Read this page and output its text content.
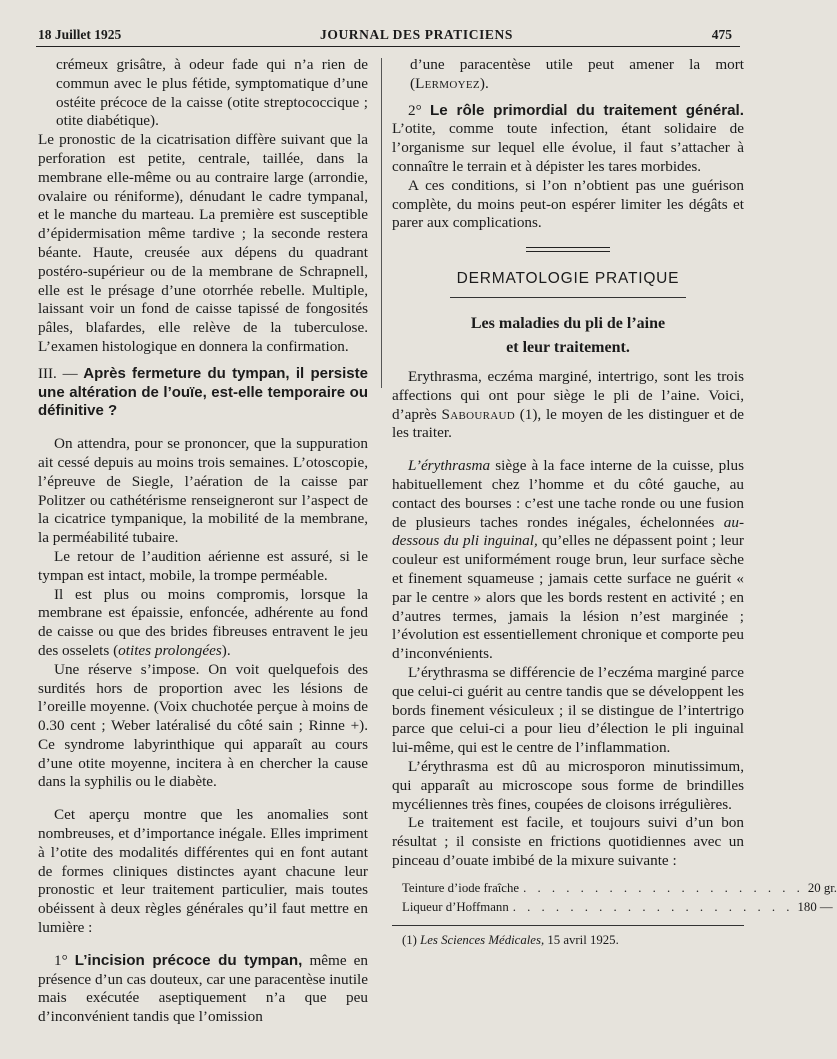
18 Juillet 1925	JOURNAL DES PRATICIENS	475

crémeux grisâtre, à odeur fade qui n’a rien de commun avec le plus fétide, symptomatique d’une ostéite précoce de la caisse (otite streptococcique ; otite diabétique).

Le pronostic de la cicatrisation diffère suivant que la perforation est petite, centrale, taillée, dans la membrane elle-même ou au contraire large (arrondie, ovalaire ou réniforme), dénudant le cadre tympanal, et le manche du marteau. La première est susceptible d’épidermisation même tardive ; la seconde restera béante. Haute, creusée aux dépens du quadrant postéro-supérieur ou de la membrane de Schrapnell, elle est le présage d’une otorrhée rebelle. Multiple, laissant voir un fond de caisse tapissé de fongosités pâles, blafardes, elle relève de la tuberculose. L’examen histologique en donnera la confirmation.

III. — Après fermeture du tympan, il persiste une altération de l’ouïe, est-elle temporaire ou définitive ?

On attendra, pour se prononcer, que la suppuration ait cessé depuis au moins trois semaines. L’otoscopie, l’épreuve de Siegle, l’aération de la caisse par Politzer ou cathétérisme renseigneront sur l’aspect de la cicatrice tympanique, la mobilité de la membrane, la perméabilité tubaire.

Le retour de l’audition aérienne est assuré, si le tympan est intact, mobile, la trompe perméable.

Il est plus ou moins compromis, lorsque la membrane est épaissie, enfoncée, adhérente au fond de caisse ou que des brides fibreuses entravent le jeu des osselets (otites prolongées).

Une réserve s’impose. On voit quelquefois des surdités hors de proportion avec les lésions de l’oreille moyenne. (Voix chuchotée perçue à moins de 0.30 cent ; Weber latéralisé du côté sain ; Rinne +). Ce syndrome labyrinthique qui apparaît au cours d’une otite moyenne, incitera à en chercher la cause dans la syphilis ou le diabète.

Cet aperçu montre que les anomalies sont nombreuses, et d’importance inégale. Elles impriment à l’otite des modalités différentes qui en font autant de formes cliniques distinctes ayant chacune leur pronostic et leur traitement particulier, mais toutes obéissent à deux règles générales qu’il faut mettre en lumière :

1° L’incision précoce du tympan, même en présence d’un cas douteux, car une paracentèse inutile mais exécutée aseptiquement n’a que peu d’inconvénient tandis que l’omission

d’une paracentèse utile peut amener la mort (Lermoyez).

2° Le rôle primordial du traitement général. L’otite, comme toute infection, étant solidaire de l’organisme sur lequel elle évolue, il faut s’attacher à connaître le terrain et à dépister les tares morbides.

A ces conditions, si l’on n’obtient pas une guérison complète, du moins peut-on espérer limiter les dégâts et parer aux complications.

DERMATOLOGIE PRATIQUE
Les maladies du pli de l’aine
et leur traitement.

Erythrasma, eczéma marginé, intertrigo, sont les trois affections qui ont pour siège le pli de l’aine. Voici, d’après Sabouraud (1), le moyen de les distinguer et de les traiter.

L’érythrasma siège à la face interne de la cuisse, plus habituellement chez l’homme et du côté gauche, au contact des bourses : c’est une tache ronde ou une fusion de plusieurs taches rondes inégales, échelonnées au-dessous du pli inguinal, qu’elles ne dépassent point ; leur couleur est uniformément rouge brun, leur surface sèche et finement squameuse ; jamais cette surface ne guérit « par le centre » alors que les bords restent en activité ; en d’autres termes, jamais la lésion n’est marginée ; l’évolution est essentiellement chronique et comporte peu d’inconvénients.

L’érythrasma se différencie de l’eczéma marginé parce que celui-ci guérit au centre tandis que se développent les bords finement vésiculeux ; il se distingue de l’intertrigo parce que celui-ci a pour lieu d’élection le pli inguinal lui-même, qui est le centre de l’inflammation.

L’érythrasma est dû au microsporon minutissimum, qui apparaît au microscope sous forme de brindilles mycéliennes très fines, coupées de cloisons irrégulières.

Le traitement est facile, et toujours suivi d’un bon résultat ; il consiste en frictions quotidiennes avec un pinceau d’ouate imbibé de la mixure suivante :

Teinture d’iode fraîche . . . . . . . . . . . . . . . . . . . . 20 gr.
Liqueur d’Hoffmann . . . . . . . . . . . . . . . . . . . . 180 —

(1) Les Sciences Médicales, 15 avril 1925.
